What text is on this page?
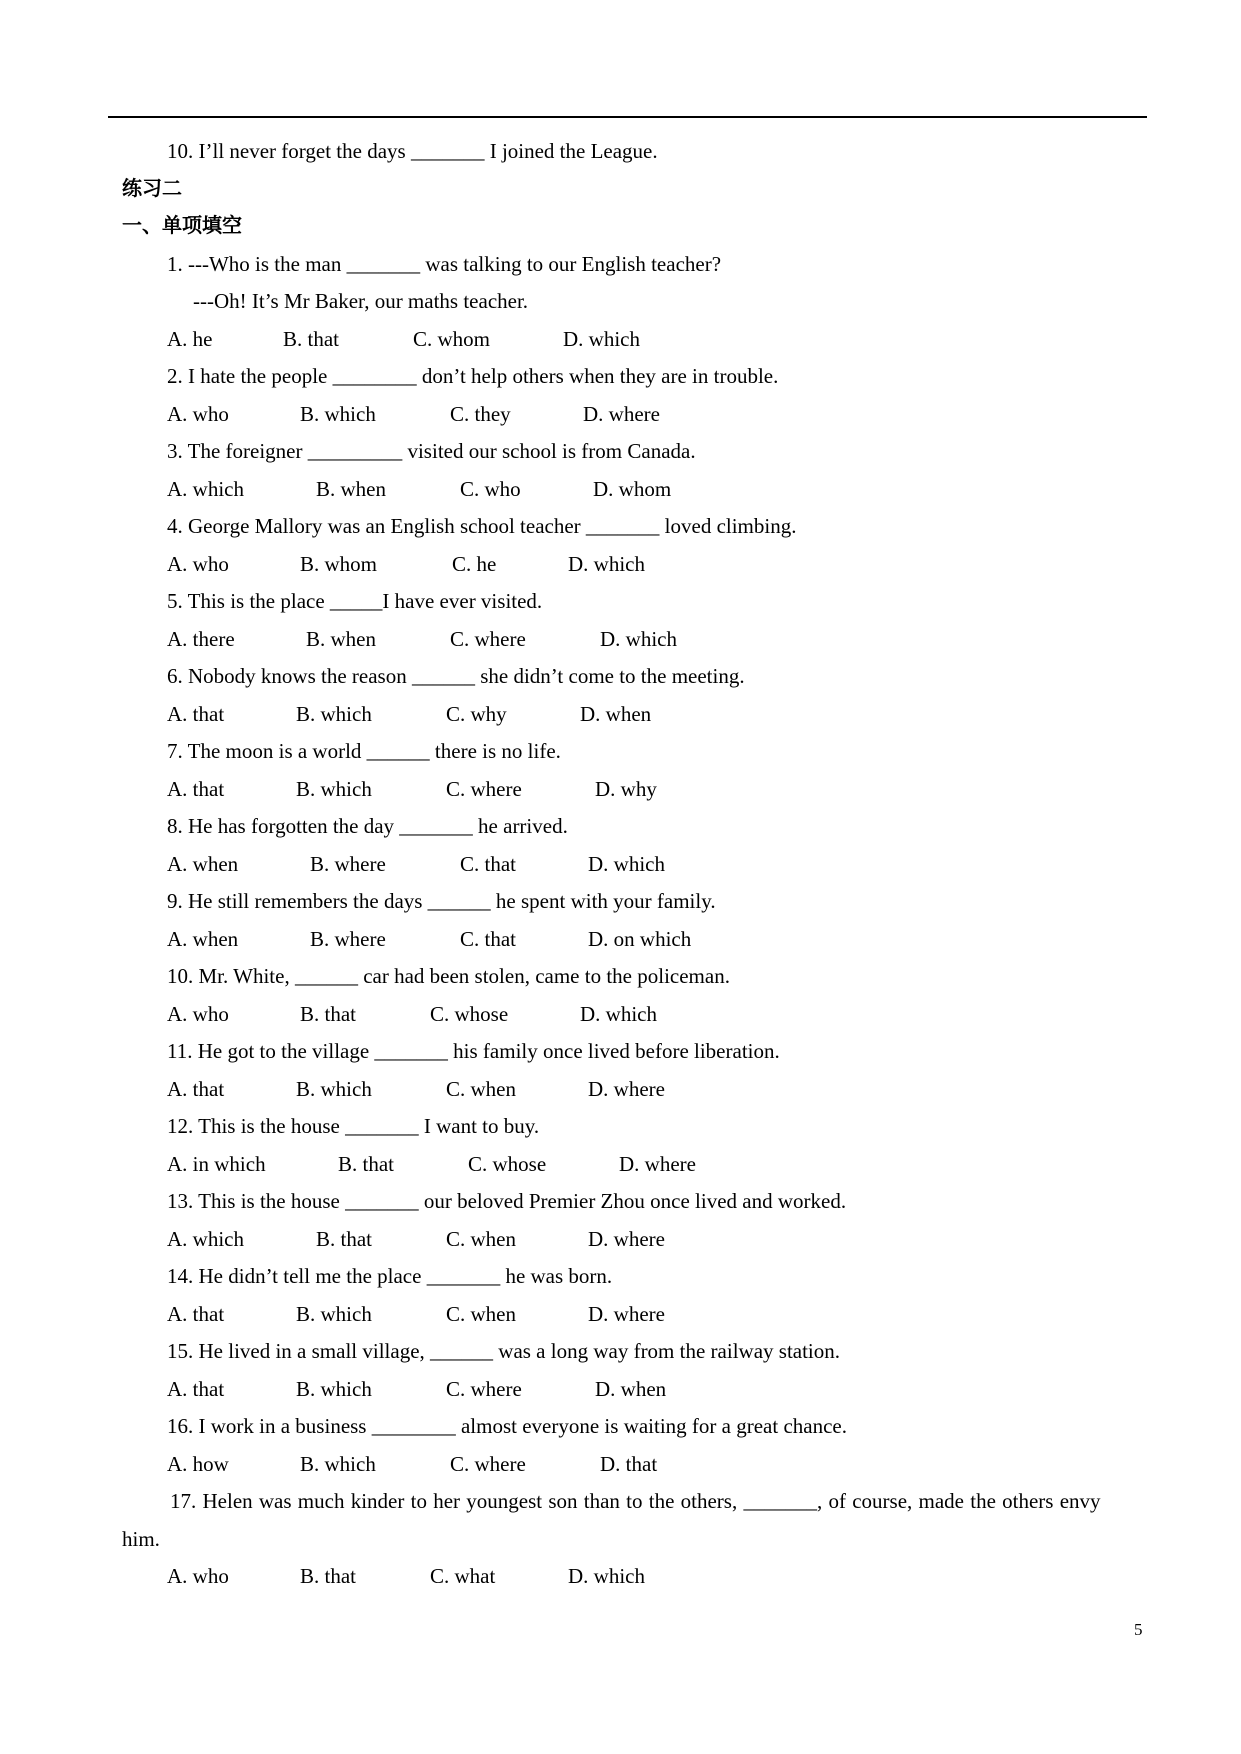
10. I’ll never forget the days _______ I joined the League.
练习二
一、单项填空
1. ---Who is the man _______ was talking to our English teacher?
---Oh! It’s Mr Baker, our maths teacher.
A. he	B. that	C. whom	D. which
2. I hate the people ________ don’t help others when they are in trouble.
A. who	B. which	C. they	D. where
3. The foreigner _________ visited our school is from Canada.
A. which	B. when	C. who	D. whom
4. George Mallory was an English school teacher _______ loved climbing.
A. who	B. whom	C. he	D. which
5. This is the place _____I have ever visited.
A. there	B. when	C. where	D. which
6. Nobody knows the reason ______ she didn’t come to the meeting.
A. that	B. which	C. why	D. when
7. The moon is a world ______ there is no life.
A. that	B. which	C. where	D. why
8. He has forgotten the day _______ he arrived.
A. when	B. where	C. that	D. which
9. He still remembers the days ______ he spent with your family.
A. when	B. where	C. that	D. on which
10. Mr. White, ______ car had been stolen, came to the policeman.
A. who	B. that	C. whose	D. which
11. He got to the village _______ his family once lived before liberation.
A. that	B. which	C. when	D. where
12. This is the house _______ I want to buy.
A. in which	B. that	C. whose	D. where
13. This is the house _______ our beloved Premier Zhou once lived and worked.
A. which	B. that	C. when	D. where
14. He didn’t tell me the place _______ he was born.
A. that	B. which	C. when	D. where
15. He lived in a small village, ______ was a long way from the railway station.
A. that	B. which	C. where	D. when
16. I work in a business ________ almost everyone is waiting for a great chance.
A. how	B. which	C. where	D. that
17. Helen was much kinder to her youngest son than to the others, _______, of course, made the others envy
him.
A. who	B. that	C. what	D. which
5
